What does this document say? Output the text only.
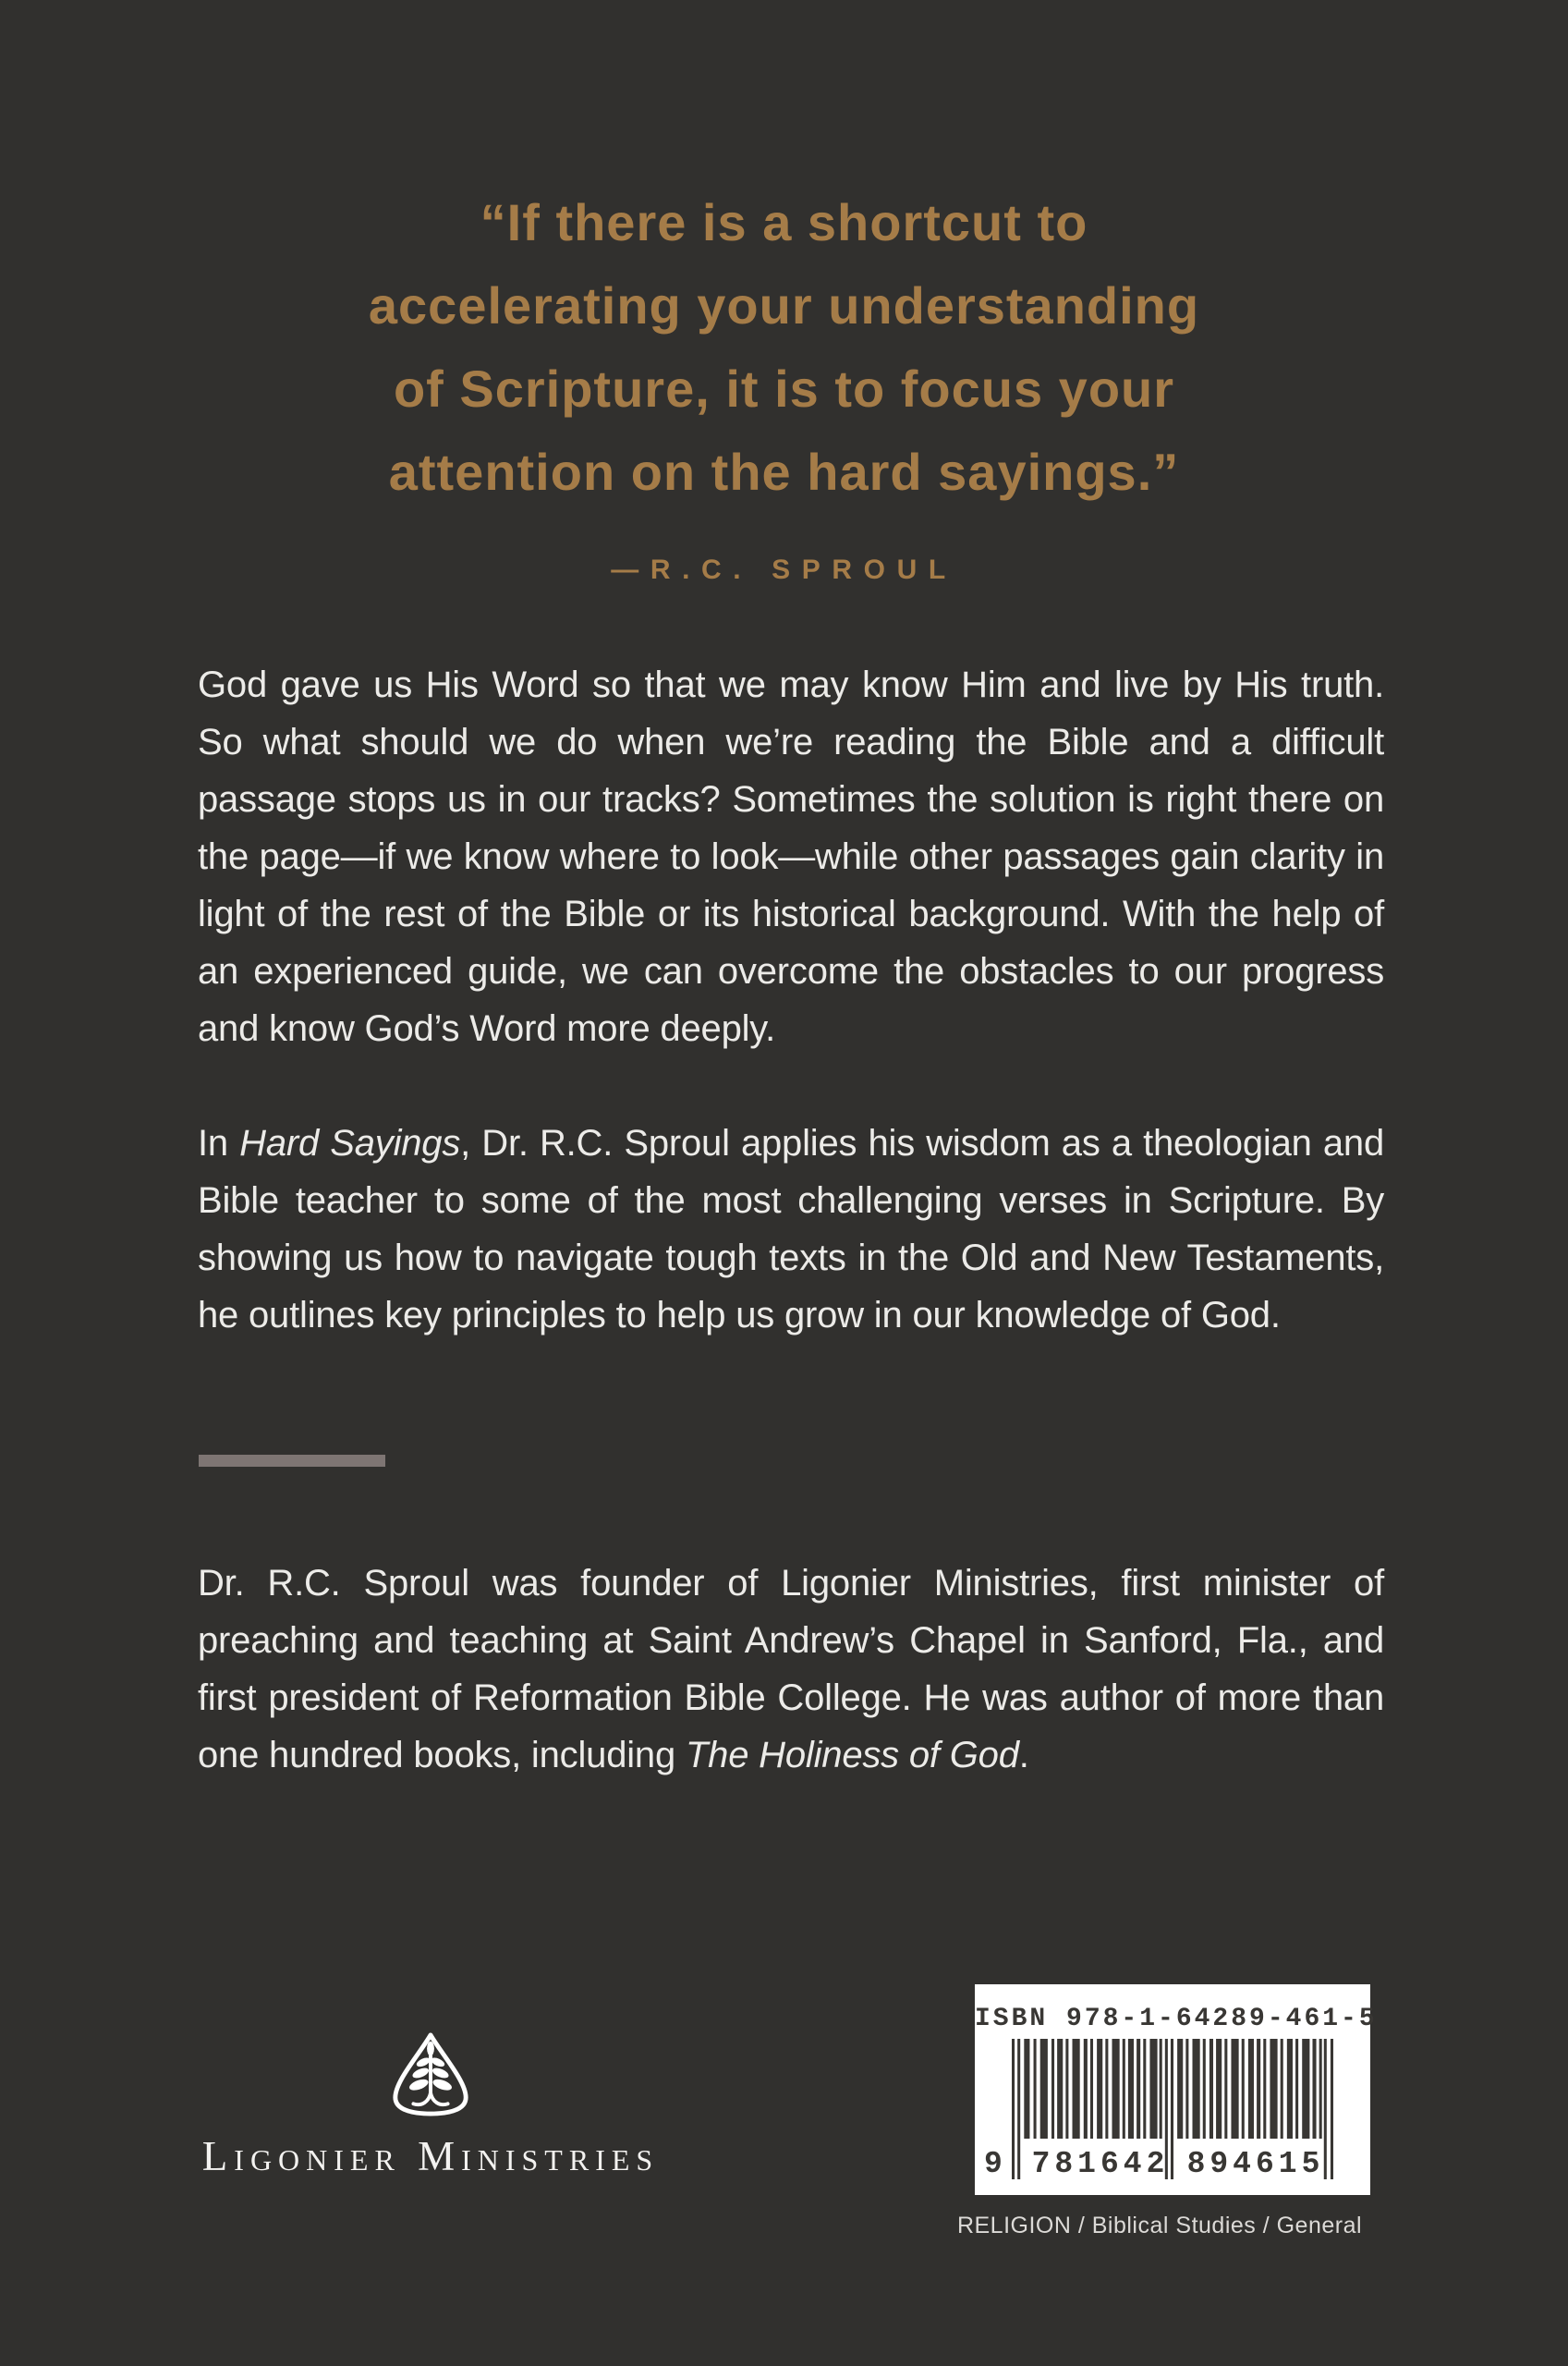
“If there is a shortcut to
accelerating your understanding
of Scripture, it is to focus your
attention on the hard sayings.”
—R.C. SPROUL

God gave us His Word so that we may know Him and live by His truth. So what should we do when we’re reading the Bible and a difficult passage stops us in our tracks? Sometimes the solution is right there on the page—if we know where to look—while other passages gain clarity in light of the rest of the Bible or its historical background. With the help of an experienced guide, we can overcome the obstacles to our progress and know God’s Word more deeply.

In Hard Sayings, Dr. R.C. Sproul applies his wisdom as a theologian and Bible teacher to some of the most challenging verses in Scripture. By showing us how to navigate tough texts in the Old and New Testaments, he outlines key principles to help us grow in our knowledge of God.

Dr. R.C. Sproul was founder of Ligonier Ministries, first minister of preaching and teaching at Saint Andrew’s Chapel in Sanford, Fla., and first president of Reformation Bible College. He was author of more than one hundred books, including The Holiness of God.
Ligonier Ministries
ISBN 978-1-64289-461-5
9 781642 894615
RELIGION / Biblical Studies / General
